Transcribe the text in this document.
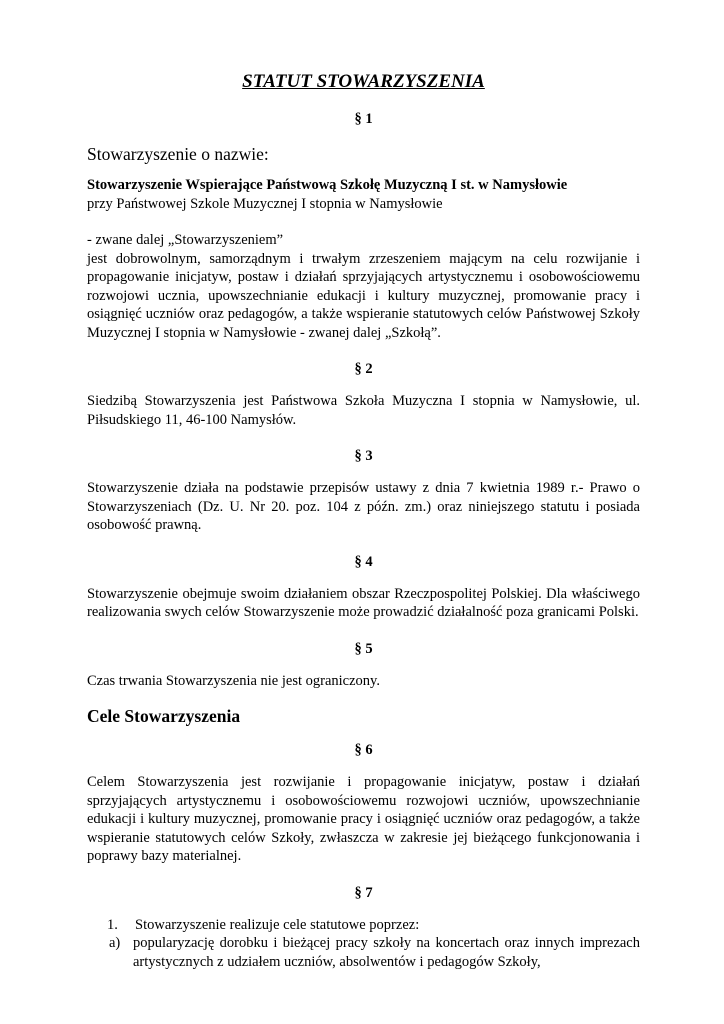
STATUT STOWARZYSZENIA
§ 1

Stowarzyszenie o nazwie:

Stowarzyszenie Wspierające Państwową Szkołę Muzyczną I st. w Namysłowie

przy Państwowej Szkole Muzycznej I stopnia w Namysłowie

- zwane dalej „Stowarzyszeniem”

jest dobrowolnym, samorządnym i trwałym zrzeszeniem mającym na celu rozwijanie i propagowanie inicjatyw, postaw i działań sprzyjających artystycznemu i osobowościowemu rozwojowi ucznia, upowszechnianie edukacji i kultury muzycznej, promowanie pracy i osiągnięć uczniów oraz pedagogów, a także wspieranie statutowych celów Państwowej Szkoły Muzycznej I stopnia w Namysłowie - zwanej dalej „Szkołą”.

§ 2

Siedzibą Stowarzyszenia jest Państwowa Szkoła Muzyczna I stopnia w Namysłowie, ul. Piłsudskiego 11, 46-100 Namysłów.

§ 3

Stowarzyszenie działa na podstawie przepisów ustawy z dnia 7 kwietnia 1989 r.- Prawo o Stowarzyszeniach (Dz. U. Nr 20. poz. 104 z późn. zm.) oraz niniejszego statutu i posiada osobowość prawną.

§ 4

Stowarzyszenie obejmuje swoim działaniem obszar Rzeczpospolitej Polskiej. Dla właściwego realizowania swych celów Stowarzyszenie może prowadzić działalność poza granicami Polski.

§ 5

Czas trwania Stowarzyszenia nie jest ograniczony.

Cele Stowarzyszenia

§ 6

Celem Stowarzyszenia jest rozwijanie i propagowanie inicjatyw, postaw i działań sprzyjających artystycznemu i osobowościowemu rozwojowi uczniów, upowszechnianie edukacji i kultury muzycznej, promowanie pracy i osiągnięć uczniów oraz pedagogów, a także wspieranie statutowych celów Szkoły, zwłaszcza w zakresie jej bieżącego funkcjonowania i poprawy bazy materialnej.

§ 7
1. Stowarzyszenie realizuje cele statutowe poprzez:
a) popularyzację dorobku i bieżącej pracy szkoły na koncertach oraz innych imprezach artystycznych z udziałem uczniów, absolwentów i pedagogów Szkoły,
